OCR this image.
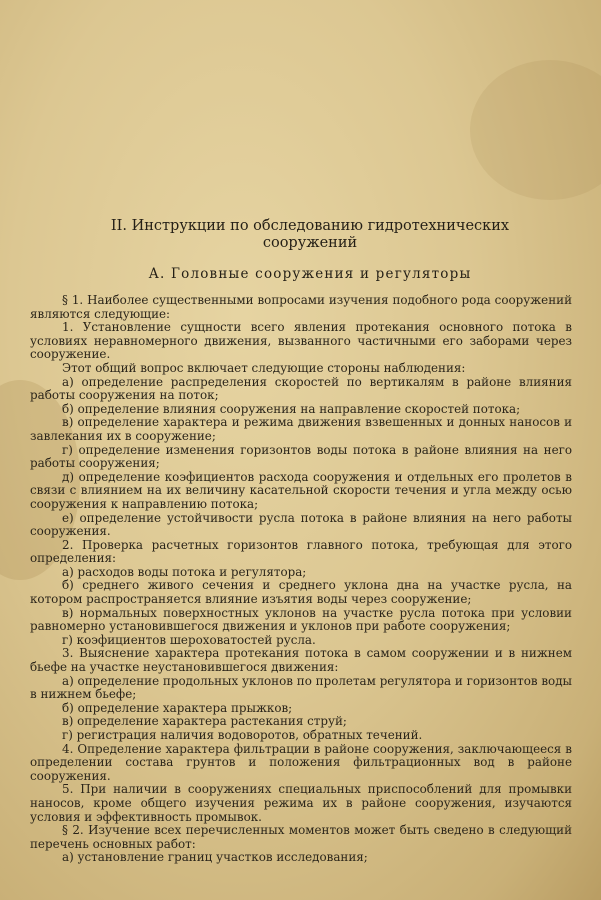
II. Инструкции по обследованию гидротехнических
сооружений
А. Головные сооружения и регуляторы

§ 1. Наиболее существенными вопросами изучения подобного рода сооружений являются следующие:

1. Установление сущности всего явления протекания основного потока в условиях неравномерного движения, вызванного частичными его заборами через сооружение.

Этот общий вопрос включает следующие стороны наблюдения:

а) определение распределения скоростей по вертикалям в районе влияния работы сооружения на поток;

б) определение влияния сооружения на направление скоростей потока;

в) определение характера и режима движения взвешенных и донных наносов и завлекания их в сооружение;

г) определение изменения горизонтов воды потока в районе влияния на него работы сооружения;

д) определение коэфициентов расхода сооружения и отдельных его пролетов в связи с влиянием на их величину касательной скорости течения и угла между осью сооружения к направлению потока;

е) определение устойчивости русла потока в районе влияния на него работы сооружения.

2. Проверка расчетных горизонтов главного потока, требующая для этого определения:

а) расходов воды потока и регулятора;

б) среднего живого сечения и среднего уклона дна на участке русла, на котором распространяется влияние изъятия воды через сооружение;

в) нормальных поверхностных уклонов на участке русла потока при условии равномерно установившегося движения и уклонов при работе сооружения;

г) коэфициентов шероховатостей русла.

3. Выяснение характера протекания потока в самом сооружении и в нижнем бьефе на участке неустановившегося движения:

а) определение продольных уклонов по пролетам регулятора и горизонтов воды в нижнем бьефе;

б) определение характера прыжков;

в) определение характера растекания струй;

г) регистрация наличия водоворотов, обратных течений.

4. Определение характера фильтрации в районе сооружения, заключающееся в определении состава грунтов и положения фильтрационных вод в районе сооружения.

5. При наличии в сооружениях специальных приспособлений для промывки наносов, кроме общего изучения режима их в районе сооружения, изучаются условия и эффективность промывок.

§ 2. Изучение всех перечисленных моментов может быть сведено в следующий перечень основных работ:

а) установление границ участков исследования;
